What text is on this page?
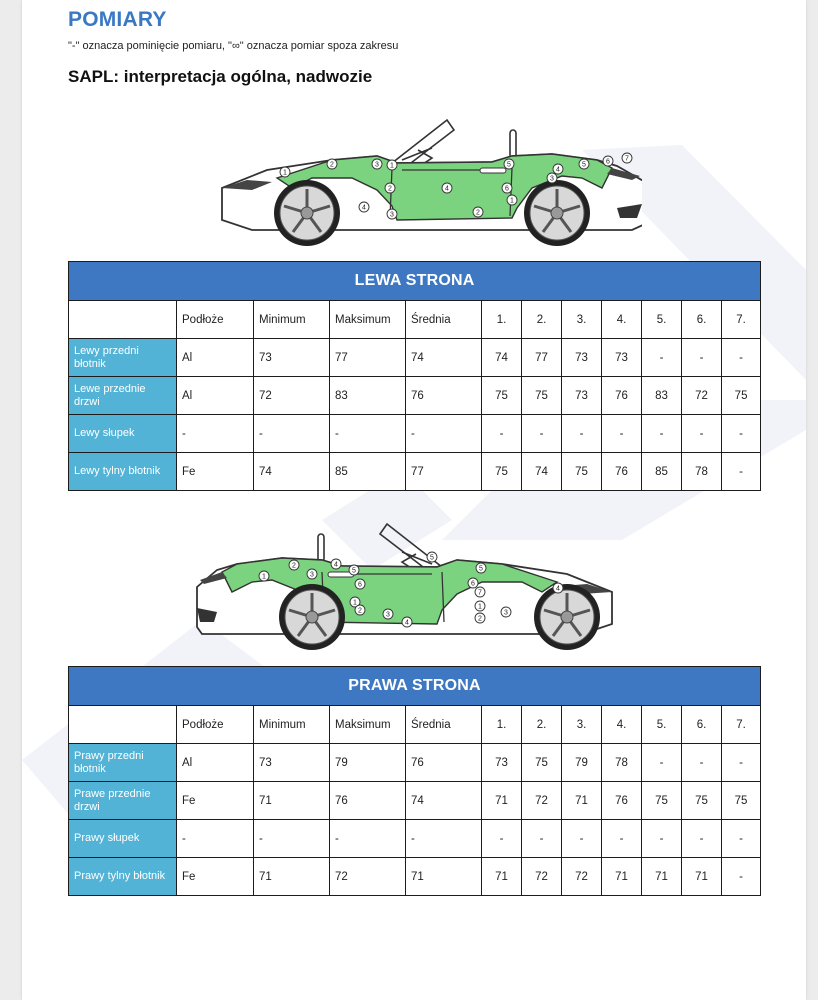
POMIARY
"-" oznacza pominięcie pomiaru, "∞" oznacza pomiar spoza zakresu
SAPL: interpretacja ogólna, nadwozie
1
2	3 1
2
3
4
4
5
6
1
2
3
4
5	6 7
LEWA STRONA											
	Podłoże	Minimum	Maksimum	Średnia	1.	2.	3.	4.	5.	6.	7.
Lewy przedni błotnik	Al	73	77	74	74	77	73	73	-	-	-
Lewe przednie drzwi	Al	72	83	76	75	75	73	76	83	72	75
Lewy słupek	-	-	-	-	-	-	-	-	-	-	-
Lewy tylny błotnik	Fe	74	85	77	75	74	75	76	85	78	-
1
2
3
4
5
6
1
2
3
4
5
6
7
1
2
3
4
5
PRAWA STRONA											
	Podłoże	Minimum	Maksimum	Średnia	1.	2.	3.	4.	5.	6.	7.
Prawy przedni błotnik	Al	73	79	76	73	75	79	78	-	-	-
Prawe przednie drzwi	Fe	71	76	74	71	72	71	76	75	75	75
Prawy słupek	-	-	-	-	-	-	-	-	-	-	-
Prawy tylny błotnik	Fe	71	72	71	71	72	72	71	71	71	-
otomoto
